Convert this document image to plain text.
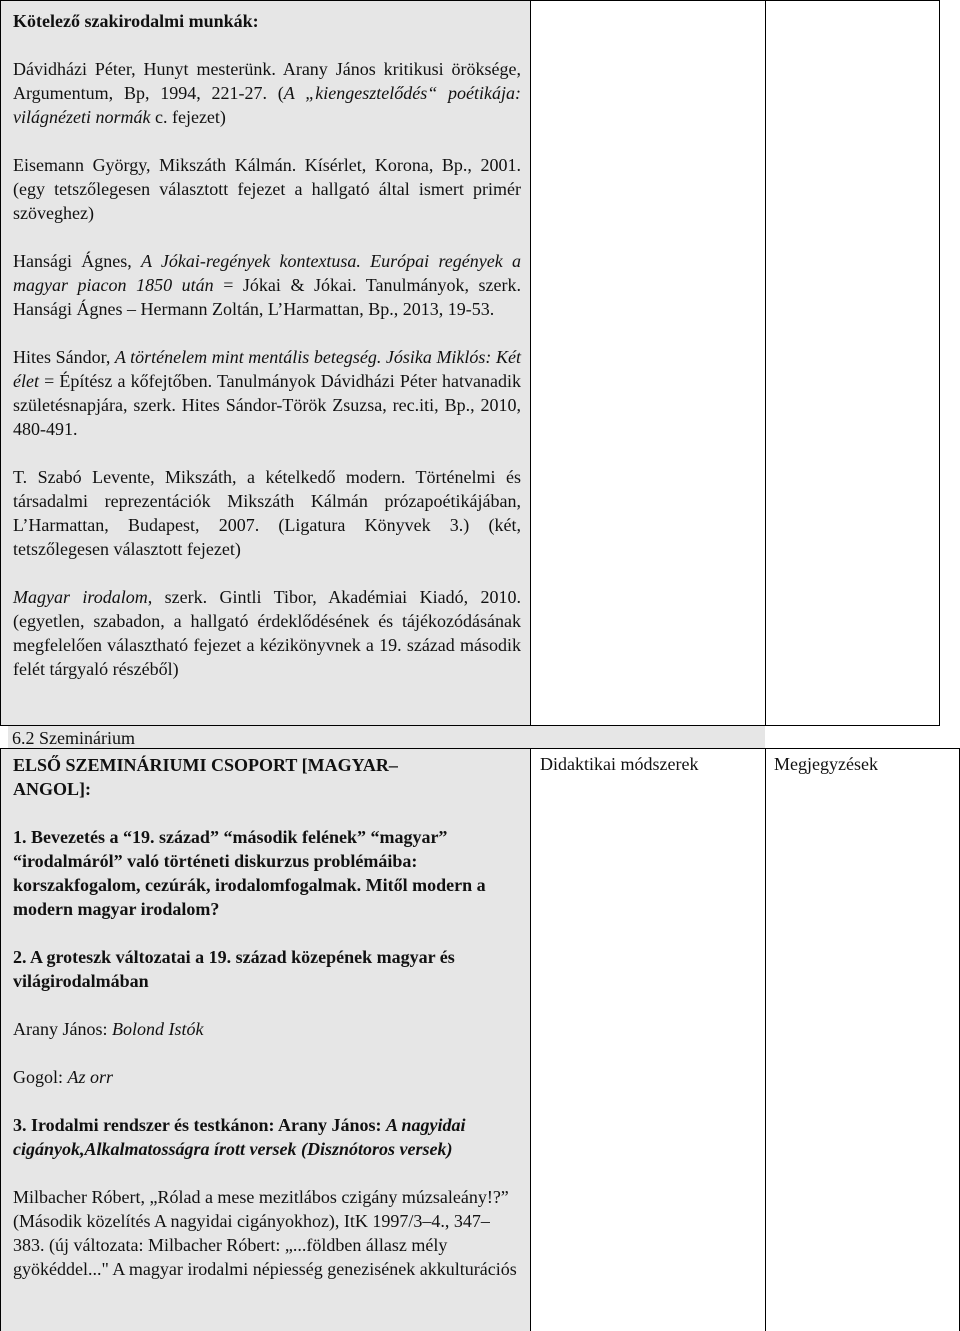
Kötelező szakirodalmi munkák:

Dávidházi Péter, Hunyt mesterünk. Arany János kritikusi öröksége, Argumentum, Bp, 1994, 221-27. (A „kiengesztelődés“ poétikája: világnézeti normák c. fejezet)

Eisemann György, Mikszáth Kálmán. Kísérlet, Korona, Bp., 2001. (egy tetszőlegesen választott fejezet a hallgató által ismert primér szöveghez)

Hansági Ágnes, A Jókai-regények kontextusa. Európai regények a magyar piacon 1850 után = Jókai & Jókai. Tanulmányok, szerk. Hansági Ágnes – Hermann Zoltán, L’Harmattan, Bp., 2013, 19-53.

Hites Sándor, A történelem mint mentális betegség. Jósika Miklós: Két élet = Építész a kőfejtőben. Tanulmányok Dávidházi Péter hatvanadik születésnapjára, szerk. Hites Sándor-Török Zsuzsa, rec.iti, Bp., 2010, 480-491.

T. Szabó Levente, Mikszáth, a kételkedő modern. Történelmi és társadalmi reprezentációk Mikszáth Kálmán prózapoétikájában, L’Harmattan, Budapest, 2007. (Ligatura Könyvek 3.) (két, tetszőlegesen választott fejezet)

Magyar irodalom, szerk. Gintli Tibor, Akadémiai Kiadó, 2010. (egyetlen, szabadon, a hallgató érdeklődésének és tájékozódásának megfelelően választható fejezet a kézikönyvnek a 19. század második felét tárgyaló részéből)

6.2 Szeminárium

ELSŐ SZEMINÁRIUMI CSOPORT [MAGYAR–ANGOL]:

1. Bevezetés a “19. század” “második felének” “magyar” “irodalmáról” való történeti diskurzus problémáiba: korszakfogalom, cezúrák, irodalomfogalmak. Mitől modern a modern magyar irodalom?

2. A groteszk változatai a 19. század közepének magyar és világirodalmában

Arany János: Bolond Istók

Gogol: Az orr

3. Irodalmi rendszer és testkánon: Arany János: A nagyidai cigányok,Alkalmatosságra írott versek (Disznótoros versek)

Milbacher Róbert, „Rólad a mese mezitlábos czigány múzsaleány!?” (Második közelítés A nagyidai cigányokhoz), ItK 1997/3–4., 347–383. (új változata: Milbacher Róbert: „...földben állasz mély gyökéddel..." A magyar irodalmi népiesség genezisének akkulturációs

Didaktikai módszerek	Megjegyzések
